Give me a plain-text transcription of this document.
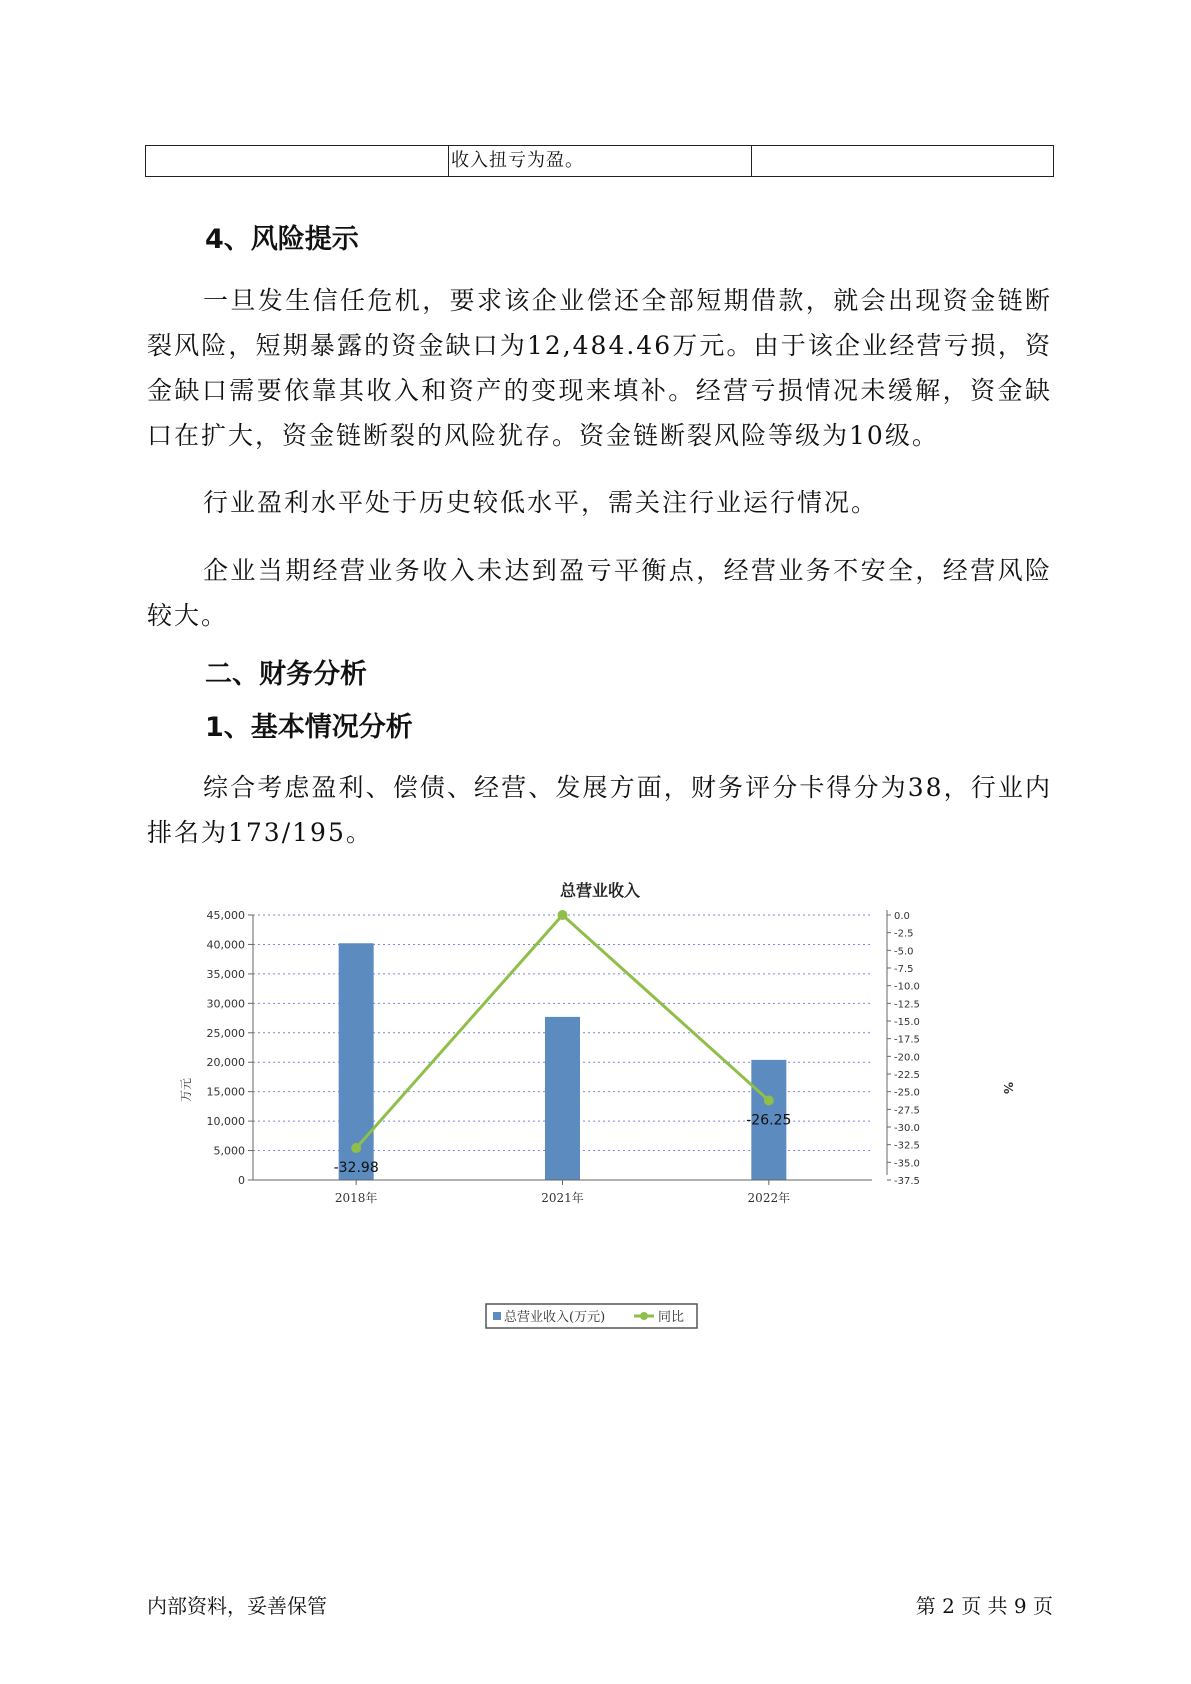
收入扭亏为盈。
4、风险提示
一旦发生信任危机，要求该企业偿还全部短期借款，就会出现资金链断裂风险，短期暴露的资金缺口为12,484.46万元。由于该企业经营亏损，资金缺口需要依靠其收入和资产的变现来填补。经营亏损情况未缓解，资金缺口在扩大，资金链断裂的风险犹存。资金链断裂风险等级为10级。
行业盈利水平处于历史较低水平，需关注行业运行情况。
企业当期经营业务收入未达到盈亏平衡点，经营业务不安全，经营风险较大。
二、财务分析
1、基本情况分析
综合考虑盈利、偿债、经营、发展方面，财务评分卡得分为38，行业内排名为173/195。
总营业收入
0
5,000
10,000
15,000
20,000
25,000
30,000
35,000
40,000
45,000	0.0
-2.5
-5.0
-7.5
-10.0
-12.5
-15.0
-17.5
-20.0
-22.5
-25.0
-27.5
-30.0
-32.5
-35.0
-37.5
2018年	2021年	2022年
-32.98
-26.25
万元	%
总营业收入(万元)	同比
内部资料，妥善保管	第 2 页 共 9 页
